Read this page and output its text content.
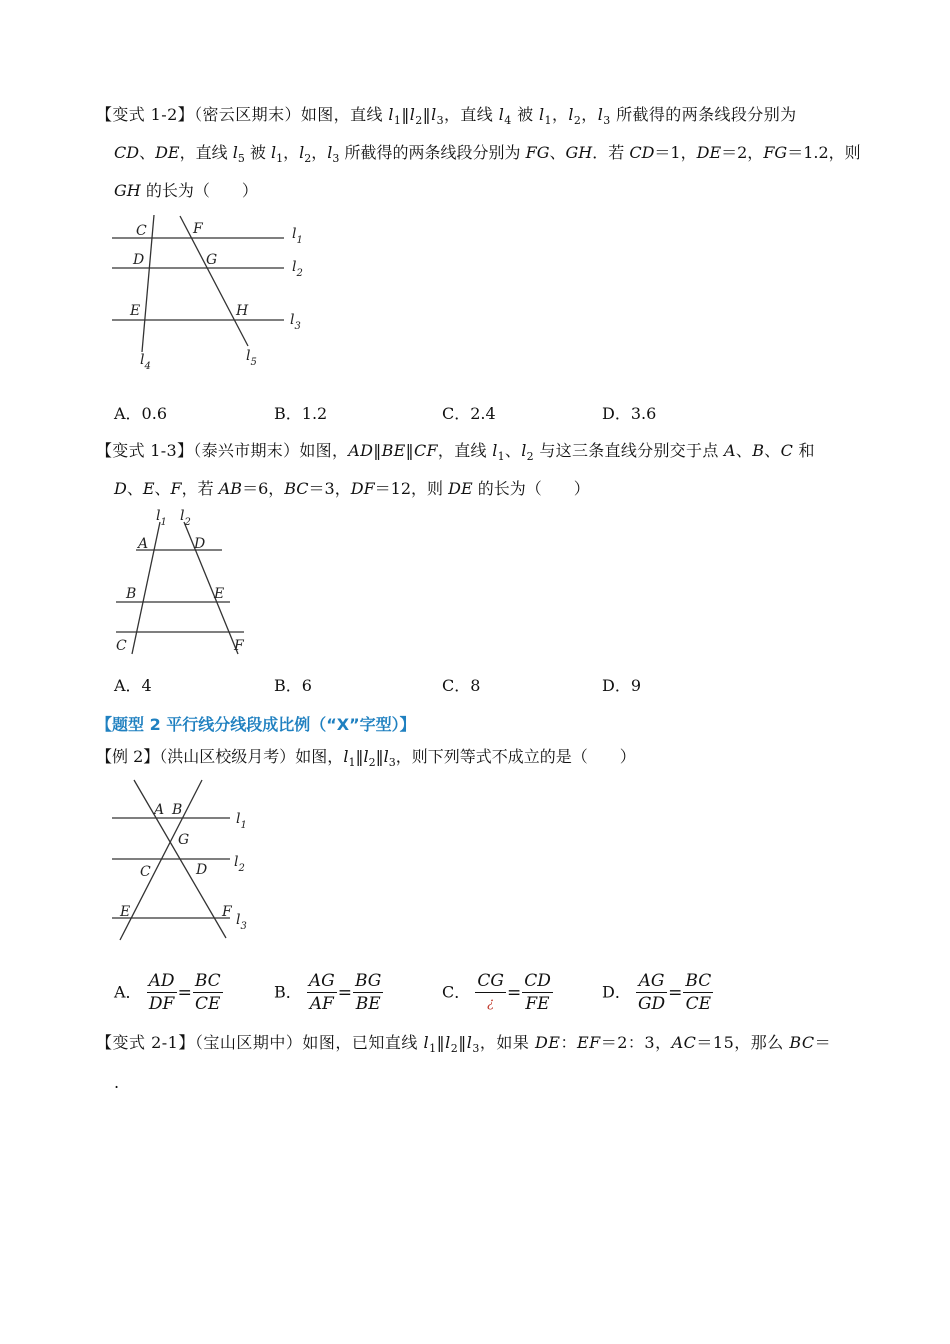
【变式 1-2】（密云区期末）如图，直线 $l_1‖l_2‖l_3$，直线 $l_4$ 被 $l_1$，$l_2$，$l_3$ 所截得的两条线段分别为
CD、DE，直线 $l_5$ 被 $l_1$，$l_2$，$l_3$ 所截得的两条线段分别为 FG、GH．若 CD＝1，DE＝2，FG＝1.2，则
GH 的长为（　　）
C	F
D	G
E	H
$l_1$
$l_2$
$l_3$
$l_4$
$l_5$
A．0.6	B．1.2	C．2.4	D．3.6
【变式 1-3】（泰兴市期末）如图，AD‖BE‖CF，直线 $l_1$、$l_2$ 与这三条直线分别交于点 A、B、C 和
D、E、F，若 AB＝6，BC＝3，DF＝12，则 DE 的长为（　　）
$l_1$ $l_2$
A	D
B	E
C	F
A．4	B．6	C．8	D．9
【题型 2 平行线分线段成比例（“X”字型）】
【例 2】（洪山区校级月考）如图，$l_1‖l_2‖l_3$，则下列等式不成立的是（　　）
A B
G
C	D
E	F
$l_1$
$l_2$
$l_3$
A． $\frac{AD}{DF} = \frac{BC}{CE}$	B． $\frac{AG}{AF} = \frac{BG}{BE}$	C． $\frac{CG}{¿} = \frac{CD}{FE}$	D． $\frac{AG}{GD} = \frac{BC}{CE}$
【变式 2-1】（宝山区期中）如图，已知直线 $l_1‖l_2‖l_3$，如果 DE：EF＝2：3，AC＝15，那么 BC＝
.
